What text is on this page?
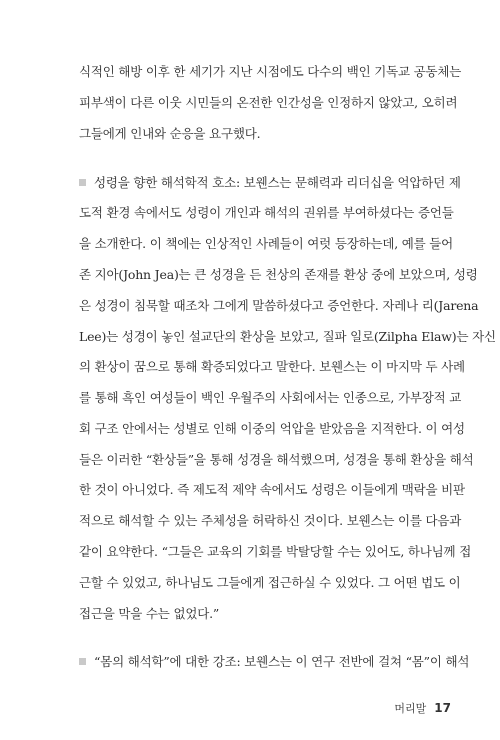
식적인 해방 이후 한 세기가 지난 시점에도 다수의 백인 기독교 공동체는
피부색이 다른 이웃 시민들의 온전한 인간성을 인정하지 않았고, 오히려
그들에게 인내와 순응을 요구했다.
성령을 향한 해석학적 호소: 보웬스는 문해력과 리더십을 억압하던 제
도적 환경 속에서도 성령이 개인과 해석의 권위를 부여하셨다는 증언들
을 소개한다. 이 책에는 인상적인 사례들이 여럿 등장하는데, 예를 들어
존 지아(John Jea)는 큰 성경을 든 천상의 존재를 환상 중에 보았으며, 성령
은 성경이 침묵할 때조차 그에게 말씀하셨다고 증언한다. 자레나 리(Jarena
Lee)는 성경이 놓인 설교단의 환상을 보았고, 질파 일로(Zilpha Elaw)는 자신
의 환상이 꿈으로 통해 확증되었다고 말한다. 보웬스는 이 마지막 두 사례
를 통해 흑인 여성들이 백인 우월주의 사회에서는 인종으로, 가부장적 교
회 구조 안에서는 성별로 인해 이중의 억압을 받았음을 지적한다. 이 여성
들은 이러한 “환상들”을 통해 성경을 해석했으며, 성경을 통해 환상을 해석
한 것이 아니었다. 즉 제도적 제약 속에서도 성령은 이들에게 맥락을 비판
적으로 해석할 수 있는 주체성을 허락하신 것이다. 보웬스는 이를 다음과
같이 요약한다. “그들은 교육의 기회를 박탈당할 수는 있어도, 하나님께 접
근할 수 있었고, 하나님도 그들에게 접근하실 수 있었다. 그 어떤 법도 이
접근을 막을 수는 없었다.”
“몸의 해석학”에 대한 강조: 보웬스는 이 연구 전반에 걸쳐 “몸”이 해석
머리말 17
